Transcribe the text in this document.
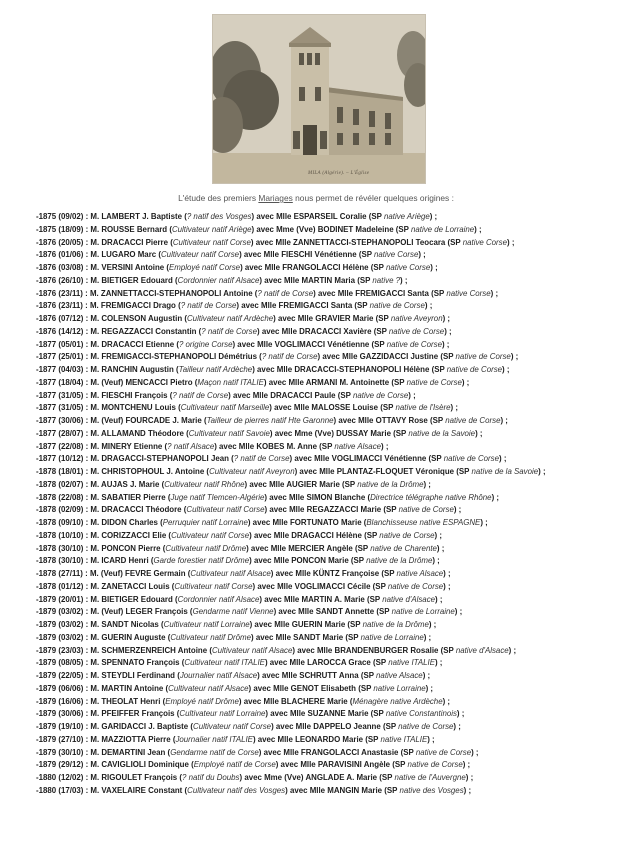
MILA (Algérie). – L'Église
L'étude des premiers Mariages nous permet de révéler quelques origines :
-1875 (09/02) : M. LAMBERT J. Baptiste (? natif des Vosges) avec Mlle ESPARSEIL Coralie (SP native Ariège) ;
-1875 (18/09) : M. ROUSSE Bernard (Cultivateur natif Ariège) avec Mme (Vve) BODINET Madeleine (SP native de Lorraine) ;
-1876 (20/05) : M. DRACACCI Pierre (Cultivateur natif Corse) avec Mlle ZANNETTACCI-STEPHANOPOLI Teocara (SP native Corse) ;
-1876 (01/06) : M. LUGARO Marc (Cultivateur natif Corse) avec Mlle FIESCHI Vénétienne (SP native Corse) ;
-1876 (03/08) : M. VERSINI Antoine (Employé natif Corse) avec Mlle FRANGOLACCI Hélène (SP native Corse) ;
-1876 (26/10) : M. BIETIGER Edouard (Cordonnier natif Alsace) avec Mlle MARTIN Maria (SP native ?) ;
-1876 (23/11) : M. ZANNETTACCI-STEPHANOPOLI Antoine (? natif de Corse) avec Mlle FREMIGACCI Santa (SP native Corse) ;
-1876 (23/11) : M. FREMIGACCI Drago (? natif de Corse) avec Mlle FREMIGACCI Santa (SP native de Corse) ;
-1876 (07/12) : M. COLENSON Augustin (Cultivateur natif Ardèche) avec Mlle GRAVIER Marie (SP native Aveyron) ;
-1876 (14/12) : M. REGAZZACCI Constantin (? natif de Corse) avec Mlle DRACACCI Xavière (SP native de Corse) ;
-1877 (05/01) : M. DRACACCI Etienne (? origine Corse) avec Mlle VOGLIMACCI Vénétienne (SP native de Corse) ;
-1877 (25/01) : M. FREMIGACCI-STEPHANOPOLI Démétrius (? natif de Corse) avec Mlle GAZZIDACCI Justine (SP native de Corse) ;
-1877 (04/03) : M. RANCHIN Augustin (Tailleur natif Ardèche) avec Mlle DRACACCI-STEPHANOPOLI Hélène (SP native de Corse) ;
-1877 (18/04) : M. (Veuf) MENCACCI Pietro (Maçon natif ITALIE) avec Mlle ARMANI M. Antoinette (SP native de Corse) ;
-1877 (31/05) : M. FIESCHI François (? natif de Corse) avec Mlle DRACACCI Paule (SP native de Corse) ;
-1877 (31/05) : M. MONTCHENU Louis (Cultivateur natif Marseille) avec Mlle MALOSSE Louise (SP native de l'Isère) ;
-1877 (30/06) : M. (Veuf) FOURCADE J. Marie (Tailleur de pierres natif Hte Garonne) avec Mlle OTTAVY Rose (SP native de Corse) ;
-1877 (28/07) : M. ALLAMAND Théodore (Cultivateur natif Savoie) avec Mme (Vve) DUSSAY Marie (SP native de la Savoie) ;
-1877 (22/08) : M. MINERY Etienne (? natif Alsace) avec Mlle KOBES M. Anne (SP native Alsace) ;
-1877 (10/12) : M. DRAGACCI-STEPHANOPOLI Jean (? natif de Corse) avec Mlle VOGLIMACCI Vénétienne (SP native de Corse) ;
-1878 (18/01) : M. CHRISTOPHOUL J. Antoine (Cultivateur natif Aveyron) avec Mlle PLANTAZ-FLOQUET Véronique (SP native de la Savoie) ;
-1878 (02/07) : M. AUJAS J. Marie (Cultivateur natif Rhône) avec Mlle AUGIER Marie (SP native de la Drôme) ;
-1878 (22/08) : M. SABATIER Pierre (Juge natif Tlemcen-Algérie) avec Mlle SIMON Blanche (Directrice télégraphe native Rhône) ;
-1878 (02/09) : M. DRACACCI Théodore (Cultivateur natif Corse) avec Mlle REGAZZACCI Marie (SP native de Corse) ;
-1878 (09/10) : M. DIDON Charles (Perruquier natif Lorraine) avec Mlle FORTUNATO Marie (Blanchisseuse native ESPAGNE) ;
-1878 (10/10) : M. CORIZZACCI Elie (Cultivateur natif Corse) avec Mlle DRAGACCI Hélène (SP native de Corse) ;
-1878 (30/10) : M. PONCON Pierre (Cultivateur natif Drôme) avec Mlle MERCIER Angèle (SP native de Charente) ;
-1878 (30/10) : M. ICARD Henri (Garde forestier natif Drôme) avec Mlle PONCON Marie (SP native de la Drôme) ;
-1878 (27/11) : M. (Veuf) FEVRE Germain (Cultivateur natif Alsace) avec Mlle KÜNTZ Françoise (SP native Alsace) ;
-1878 (01/12) : M. ZANETACCI Louis (Cultivateur natif Corse) avec Mlle VOGLIMACCI Cécile (SP native de Corse) ;
-1879 (20/01) : M. BIETIGER Edouard (Cordonnier natif Alsace) avec Mlle MARTIN A. Marie (SP native d'Alsace) ;
-1879 (03/02) : M. (Veuf) LEGER François (Gendarme natif Vienne) avec Mlle SANDT Annette (SP native de Lorraine) ;
-1879 (03/02) : M. SANDT Nicolas (Cultivateur natif Lorraine) avec Mlle GUERIN Marie (SP native de la Drôme) ;
-1879 (03/02) : M. GUERIN Auguste (Cultivateur natif Drôme) avec Mlle SANDT Marie (SP native de Lorraine) ;
-1879 (23/03) : M. SCHMERZENREICH Antoine (Cultivateur natif Alsace) avec Mlle BRANDENBURGER Rosalie (SP native d'Alsace) ;
-1879 (08/05) : M. SPENNATO François (Cultivateur natif ITALIE) avec Mlle LAROCCA Grace (SP native ITALIE) ;
-1879 (22/05) : M. STEYDLI Ferdinand (Journalier natif Alsace) avec Mlle SCHRUTT Anna (SP native Alsace) ;
-1879 (06/06) : M. MARTIN Antoine (Cultivateur natif Alsace) avec Mlle GENOT Elisabeth (SP native Lorraine) ;
-1879 (16/06) : M. THEOLAT Henri (Employé natif Drôme) avec Mlle BLACHERE Marie (Ménagère native Ardèche) ;
-1879 (30/06) : M. PFEIFFER François (Cultivateur natif Lorraine) avec Mlle SUZANNE Marie (SP native Constantinois) ;
-1879 (19/10) : M. GARIDACCI J. Baptiste (Cultivateur natif Corse) avec Mlle DAPPELO Jeanne (SP native de Corse) ;
-1879 (27/10) : M. MAZZIOTTA Pierre (Journalier natif ITALIE) avec Mlle LEONARDO Marie (SP native ITALIE) ;
-1879 (30/10) : M. DEMARTINI Jean (Gendarme natif de Corse) avec Mlle FRANGOLACCI Anastasie (SP native de Corse) ;
-1879 (29/12) : M. CAVIGLIOLI Dominique (Employé natif de Corse) avec Mlle PARAVISINI Angèle (SP native de Corse) ;
-1880 (12/02) : M. RIGOULET François (? natif du Doubs) avec Mme (Vve) ANGLADE A. Marie (SP native de l'Auvergne) ;
-1880 (17/03) : M. VAXELAIRE Constant (Cultivateur natif des Vosges) avec Mlle MANGIN Marie (SP native des Vosges) ;
